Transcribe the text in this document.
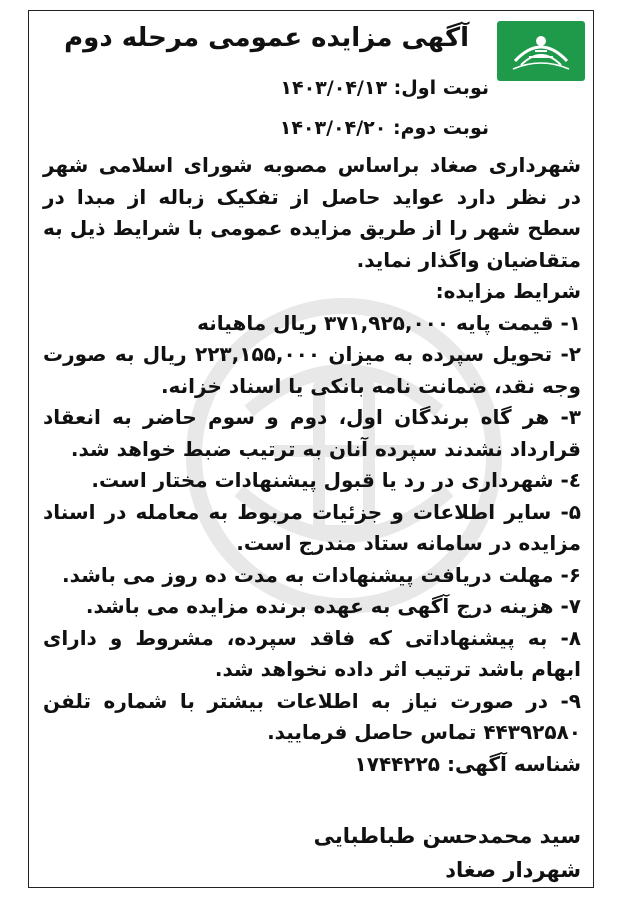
آگهی مزایده عمومی مرحله دوم
نوبت اول: ۱۴۰۳/۰۴/۱۳
نوبت دوم: ۱۴۰۳/۰۴/۲۰

شهرداری صغاد براساس مصوبه شورای اسلامی شهر در نظر دارد عواید حاصل از تفکیک زباله از مبدا در سطح شهر را از طریق مزایده عمومی با شرایط ذیل به متقاضیان واگذار نماید.

شرایط مزایده:

۱- قیمت پایه ۳۷۱,۹۲۵,۰۰۰ ریال ماهیانه

۲- تحویل سپرده به میزان ۲۲۳,۱۵۵,۰۰۰ ریال به صورت وجه نقد، ضمانت نامه بانکی یا اسناد خزانه.

۳- هر گاه برندگان اول، دوم و سوم حاضر به انعقاد قرارداد نشدند سپرده آنان به ترتیب ضبط خواهد شد.

٤- شهرداری در رد یا قبول پیشنهادات مختار است.

۵- سایر اطلاعات و جزئیات مربوط به معامله در اسناد مزایده در سامانه ستاد مندرج است.

۶- مهلت دریافت پیشنهادات به مدت ده روز می باشد.

۷- هزینه درج آگهی به عهده برنده مزایده می باشد.

۸- به پیشنهاداتی که فاقد سپرده، مشروط و دارای ابهام باشد ترتیب اثر داده نخواهد شد.

۹- در صورت نیاز به اطلاعات بیشتر با شماره تلفن ۴۴۳۹۲۵۸۰ تماس حاصل فرمایید.

شناسه آگهی: ۱۷۴۴۲۲۵

سید محمدحسن طباطبایی
شهردار صغاد
